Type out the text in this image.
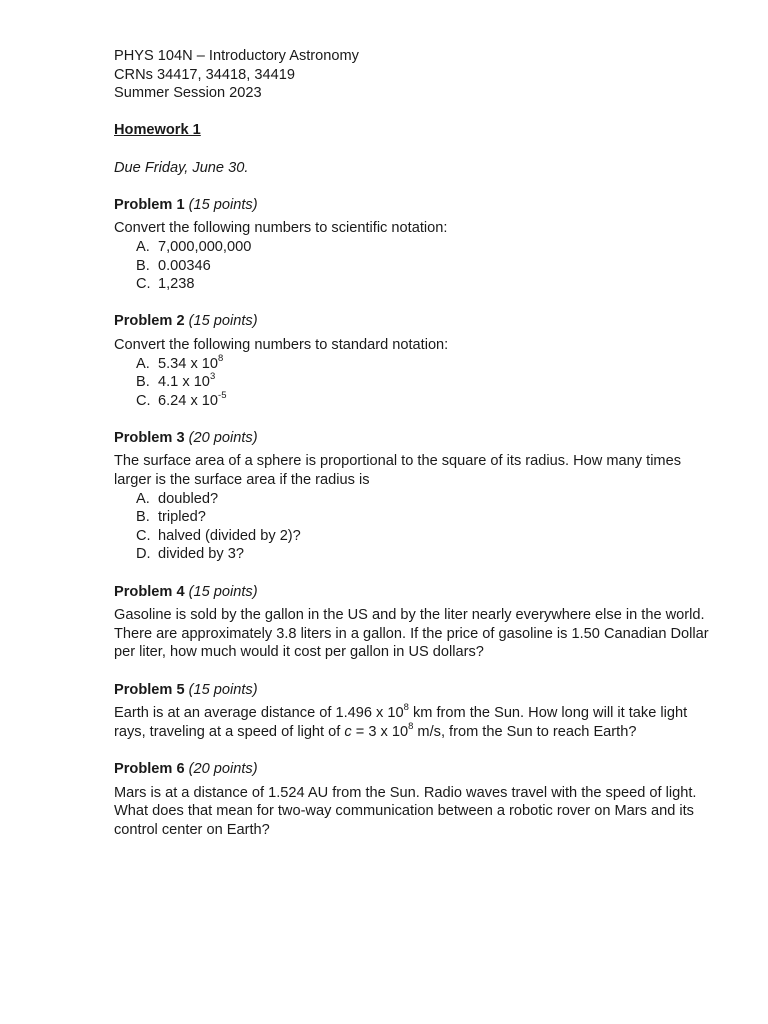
PHYS 104N – Introductory Astronomy
CRNs 34417, 34418, 34419
Summer Session 2023
Homework 1
Due Friday, June 30.
Problem 1 (15 points)
Convert the following numbers to scientific notation:
A. 7,000,000,000
B. 0.00346
C. 1,238
Problem 2 (15 points)
Convert the following numbers to standard notation:
A. 5.34 x $10^8$
B. 4.1 x $10^3$
C. 6.24 x $10^{-5}$
Problem 3 (20 points)
The surface area of a sphere is proportional to the square of its radius. How many times larger is the surface area if the radius is
A. doubled?
B. tripled?
C. halved (divided by 2)?
D. divided by 3?
Problem 4 (15 points)
Gasoline is sold by the gallon in the US and by the liter nearly everywhere else in the world. There are approximately 3.8 liters in a gallon. If the price of gasoline is 1.50 Canadian Dollar per liter, how much would it cost per gallon in US dollars?
Problem 5 (15 points)
Earth is at an average distance of 1.496 x $10^8$ km from the Sun. How long will it take light rays, traveling at a speed of light of c = 3 x $10^8$ m/s, from the Sun to reach Earth?
Problem 6 (20 points)
Mars is at a distance of 1.524 AU from the Sun. Radio waves travel with the speed of light. What does that mean for two-way communication between a robotic rover on Mars and its control center on Earth?
